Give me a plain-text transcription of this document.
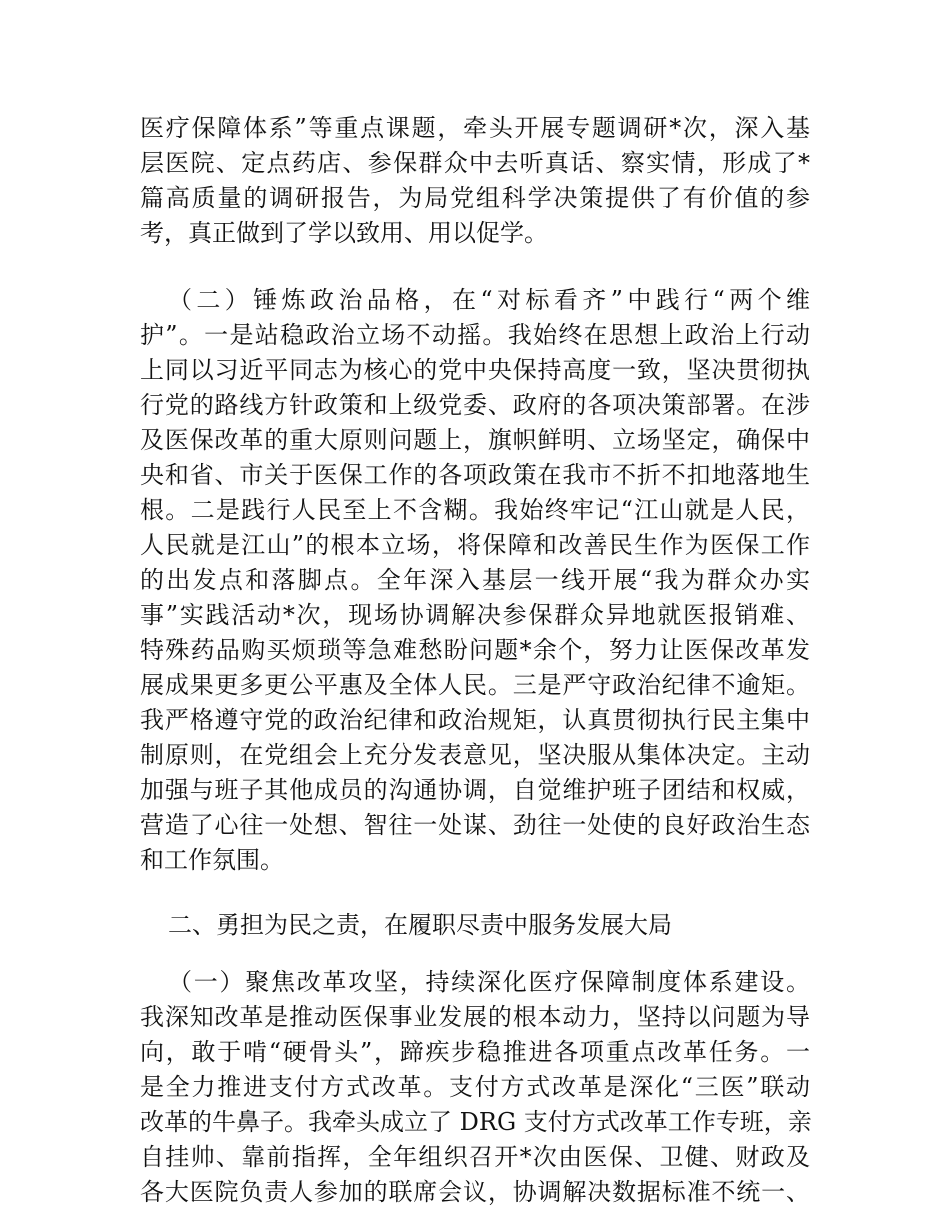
医疗保障体系”等重点课题，牵头开展专题调研*次，深入基
层医院、定点药店、参保群众中去听真话、察实情，形成了*
篇高质量的调研报告，为局党组科学决策提供了有价值的参
考，真正做到了学以致用、用以促学。
（二）锤炼政治品格，在“对标看齐”中践行“两个维
护”。一是站稳政治立场不动摇。我始终在思想上政治上行动
上同以习近平同志为核心的党中央保持高度一致，坚决贯彻执
行党的路线方针政策和上级党委、政府的各项决策部署。在涉
及医保改革的重大原则问题上，旗帜鲜明、立场坚定，确保中
央和省、市关于医保工作的各项政策在我市不折不扣地落地生
根。二是践行人民至上不含糊。我始终牢记“江山就是人民，
人民就是江山”的根本立场，将保障和改善民生作为医保工作
的出发点和落脚点。全年深入基层一线开展“我为群众办实
事”实践活动*次，现场协调解决参保群众异地就医报销难、
特殊药品购买烦琐等急难愁盼问题*余个，努力让医保改革发
展成果更多更公平惠及全体人民。三是严守政治纪律不逾矩。
我严格遵守党的政治纪律和政治规矩，认真贯彻执行民主集中
制原则，在党组会上充分发表意见，坚决服从集体决定。主动
加强与班子其他成员的沟通协调，自觉维护班子团结和权威，
营造了心往一处想、智往一处谋、劲往一处使的良好政治生态
和工作氛围。
二、勇担为民之责，在履职尽责中服务发展大局
（一）聚焦改革攻坚，持续深化医疗保障制度体系建设。
我深知改革是推动医保事业发展的根本动力，坚持以问题为导
向，敢于啃“硬骨头”，蹄疾步稳推进各项重点改革任务。一
是全力推进支付方式改革。支付方式改革是深化“三医”联动
改革的牛鼻子。我牵头成立了 DRG 支付方式改革工作专班，亲
自挂帅、靠前指挥，全年组织召开*次由医保、卫健、财政及
各大医院负责人参加的联席会议，协调解决数据标准不统一、
